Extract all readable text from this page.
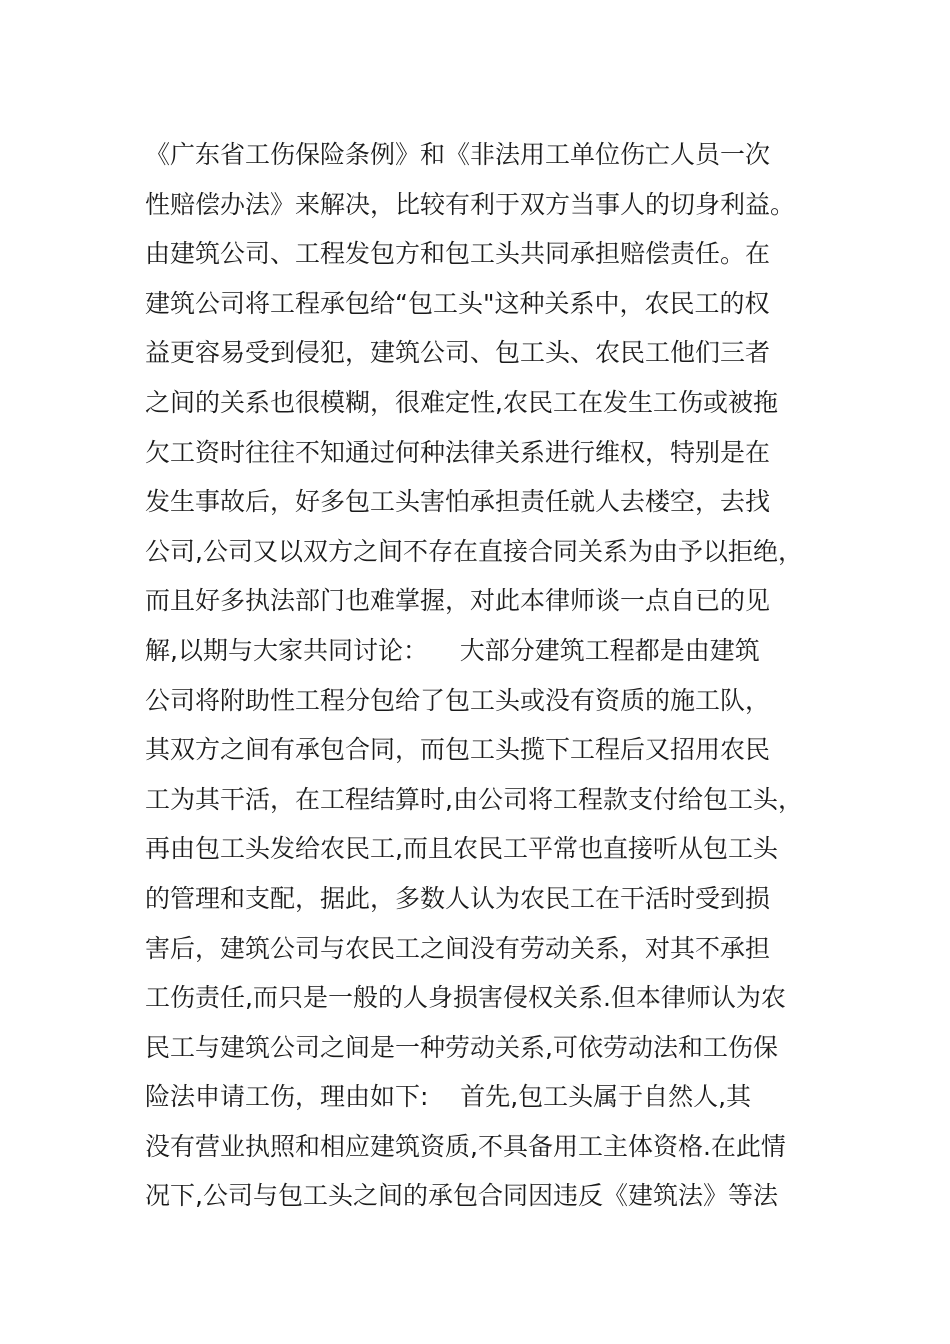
《广东省工伤保险条例》和《非法用工单位伤亡人员一次
性赔偿办法》来解决，比较有利于双方当事人的切身利益。
由建筑公司、工程发包方和包工头共同承担赔偿责任。在
建筑公司将工程承包给“包工头"这种关系中，农民工的权
益更容易受到侵犯，建筑公司、包工头、农民工他们三者
之间的关系也很模糊，很难定性,农民工在发生工伤或被拖
欠工资时往往不知通过何种法律关系进行维权，特别是在
发生事故后，好多包工头害怕承担责任就人去楼空，去找
公司,公司又以双方之间不存在直接合同关系为由予以拒绝，
而且好多执法部门也难掌握，对此本律师谈一点自已的见
解,以期与大家共同讨论：    大部分建筑工程都是由建筑
公司将附助性工程分包给了包工头或没有资质的施工队，
其双方之间有承包合同，而包工头揽下工程后又招用农民
工为其干活，在工程结算时,由公司将工程款支付给包工头，
再由包工头发给农民工,而且农民工平常也直接听从包工头
的管理和支配，据此，多数人认为农民工在干活时受到损
害后，建筑公司与农民工之间没有劳动关系，对其不承担
工伤责任,而只是一般的人身损害侵权关系.但本律师认为农
民工与建筑公司之间是一种劳动关系,可依劳动法和工伤保
险法申请工伤，理由如下:    首先,包工头属于自然人,其
没有营业执照和相应建筑资质,不具备用工主体资格.在此情
况下,公司与包工头之间的承包合同因违反《建筑法》等法
